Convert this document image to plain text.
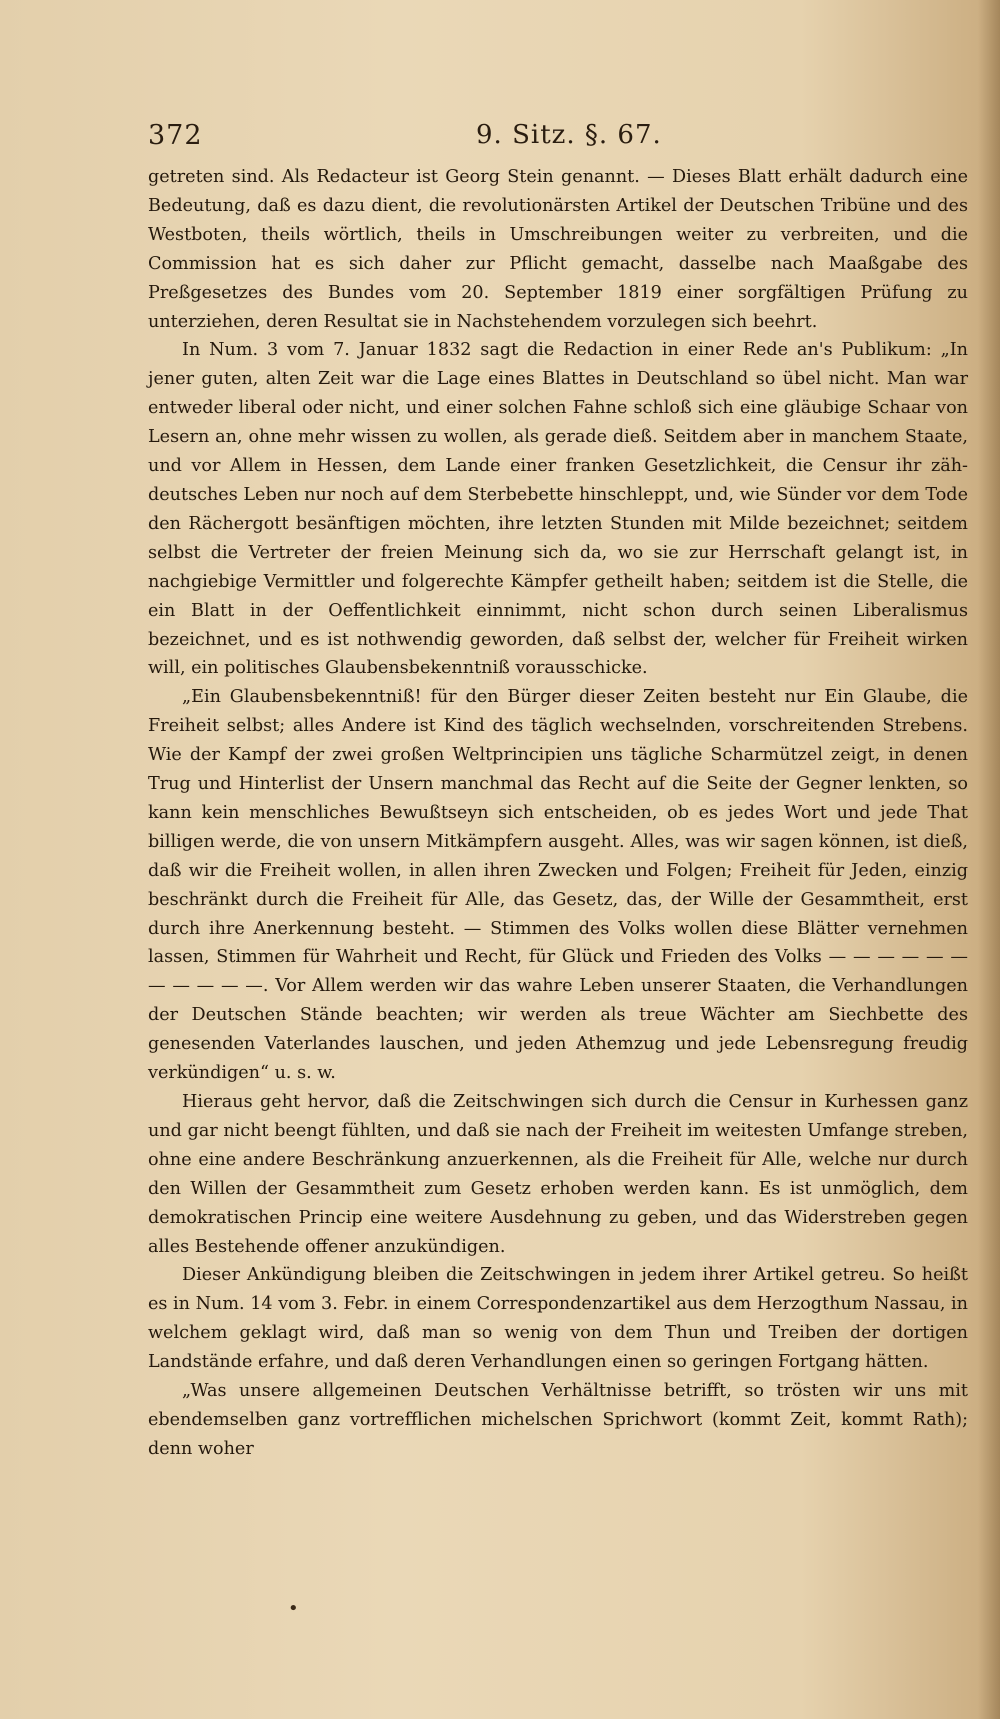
372	9. Sitz. §. 67.

getreten sind. Als Redacteur ist Georg Stein genannt. — Dieses Blatt erhält dadurch eine Bedeutung, daß es dazu dient, die revolutionärsten Artikel der Deutschen Tribüne und des Westboten, theils wörtlich, theils in Umschreibungen weiter zu verbreiten, und die Commission hat es sich daher zur Pflicht gemacht, dasselbe nach Maaßgabe des Preßgesetzes des Bundes vom 20. September 1819 einer sorgfältigen Prüfung zu unterziehen, deren Resultat sie in Nachstehendem vorzulegen sich beehrt.

In Num. 3 vom 7. Januar 1832 sagt die Redaction in einer Rede an's Publikum: „In jener guten, alten Zeit war die Lage eines Blattes in Deutschland so übel nicht. Man war entweder liberal oder nicht, und einer solchen Fahne schloß sich eine gläubige Schaar von Lesern an, ohne mehr wissen zu wollen, als gerade dieß. Seitdem aber in manchem Staate, und vor Allem in Hessen, dem Lande einer franken Gesetzlichkeit, die Censur ihr zäh-deutsches Leben nur noch auf dem Sterbebette hinschleppt, und, wie Sünder vor dem Tode den Rächergott besänftigen möchten, ihre letzten Stunden mit Milde bezeichnet; seitdem selbst die Vertreter der freien Meinung sich da, wo sie zur Herrschaft gelangt ist, in nachgiebige Vermittler und folgerechte Kämpfer getheilt haben; seitdem ist die Stelle, die ein Blatt in der Oeffentlichkeit einnimmt, nicht schon durch seinen Liberalismus bezeichnet, und es ist nothwendig geworden, daß selbst der, welcher für Freiheit wirken will, ein politisches Glaubensbekenntniß vorausschicke.

„Ein Glaubensbekenntniß! für den Bürger dieser Zeiten besteht nur Ein Glaube, die Freiheit selbst; alles Andere ist Kind des täglich wechselnden, vorschreitenden Strebens. Wie der Kampf der zwei großen Weltprincipien uns tägliche Scharmützel zeigt, in denen Trug und Hinterlist der Unsern manchmal das Recht auf die Seite der Gegner lenkten, so kann kein menschliches Bewußtseyn sich entscheiden, ob es jedes Wort und jede That billigen werde, die von unsern Mitkämpfern ausgeht. Alles, was wir sagen können, ist dieß, daß wir die Freiheit wollen, in allen ihren Zwecken und Folgen; Freiheit für Jeden, einzig beschränkt durch die Freiheit für Alle, das Gesetz, das, der Wille der Gesammtheit, erst durch ihre Anerkennung besteht. — Stimmen des Volks wollen diese Blätter vernehmen lassen, Stimmen für Wahrheit und Recht, für Glück und Frieden des Volks — — — — — — — — — — —. Vor Allem werden wir das wahre Leben unserer Staaten, die Verhandlungen der Deutschen Stände beachten; wir werden als treue Wächter am Siechbette des genesenden Vaterlandes lauschen, und jeden Athemzug und jede Lebensregung freudig verkündigen“ u. s. w.

Hieraus geht hervor, daß die Zeitschwingen sich durch die Censur in Kurhessen ganz und gar nicht beengt fühlten, und daß sie nach der Freiheit im weitesten Umfange streben, ohne eine andere Beschränkung anzuerkennen, als die Freiheit für Alle, welche nur durch den Willen der Gesammtheit zum Gesetz erhoben werden kann. Es ist unmöglich, dem demokratischen Princip eine weitere Ausdehnung zu geben, und das Widerstreben gegen alles Bestehende offener anzukündigen.

Dieser Ankündigung bleiben die Zeitschwingen in jedem ihrer Artikel getreu. So heißt es in Num. 14 vom 3. Febr. in einem Correspondenzartikel aus dem Herzogthum Nassau, in welchem geklagt wird, daß man so wenig von dem Thun und Treiben der dortigen Landstände erfahre, und daß deren Verhandlungen einen so geringen Fortgang hätten.

„Was unsere allgemeinen Deutschen Verhältnisse betrifft, so trösten wir uns mit ebendemselben ganz vortrefflichen michelschen Sprichwort (kommt Zeit, kommt Rath); denn woher

•
